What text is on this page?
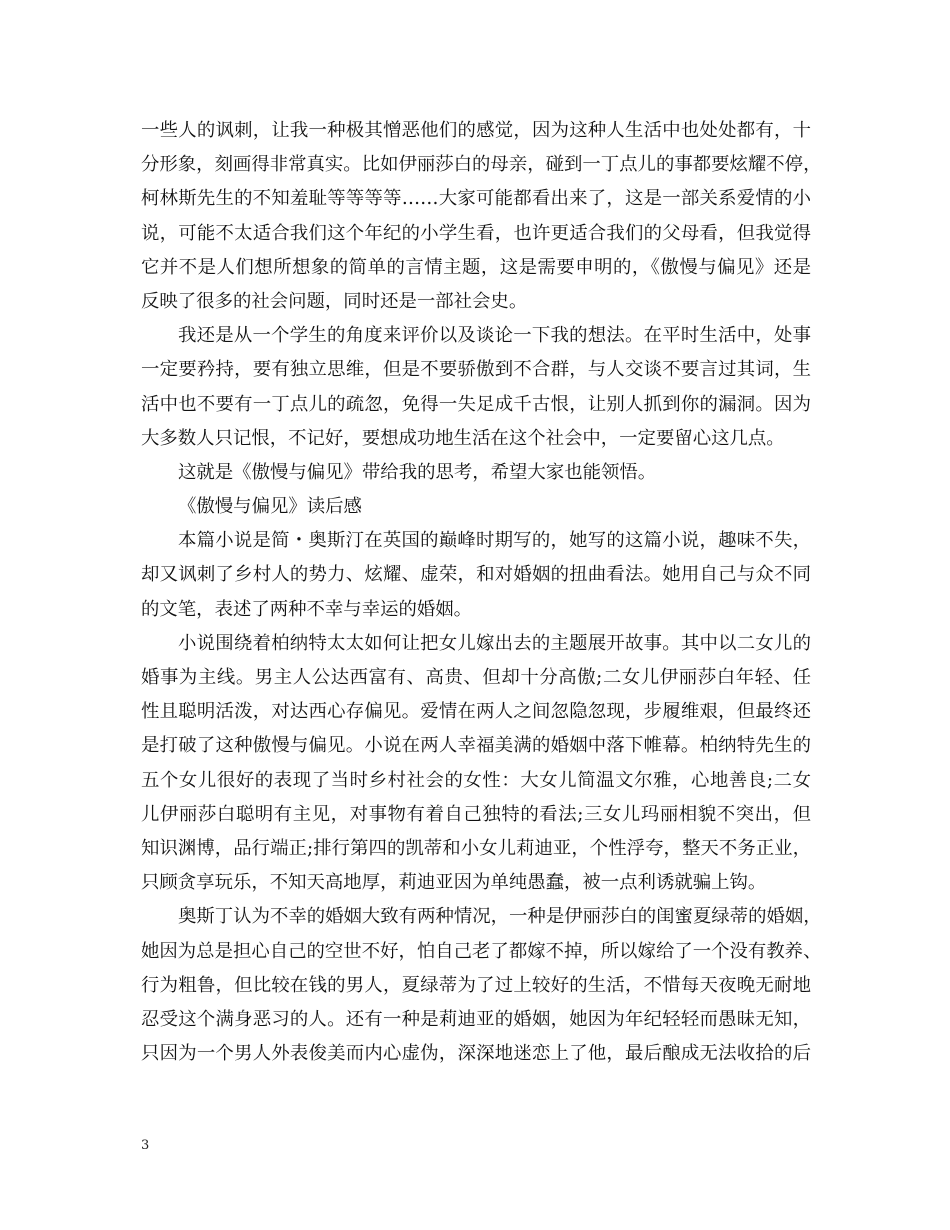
一些人的讽刺，让我一种极其憎恶他们的感觉，因为这种人生活中也处处都有，十
分形象，刻画得非常真实。比如伊丽莎白的母亲，碰到一丁点儿的事都要炫耀不停，
柯林斯先生的不知羞耻等等等等……大家可能都看出来了，这是一部关系爱情的小
说，可能不太适合我们这个年纪的小学生看，也许更适合我们的父母看，但我觉得
它并不是人们想所想象的简单的言情主题，这是需要申明的，《傲慢与偏见》还是
反映了很多的社会问题，同时还是一部社会史。
我还是从一个学生的角度来评价以及谈论一下我的想法。在平时生活中，处事
一定要矜持，要有独立思维，但是不要骄傲到不合群，与人交谈不要言过其词，生
活中也不要有一丁点儿的疏忽，免得一失足成千古恨，让别人抓到你的漏洞。因为
大多数人只记恨，不记好，要想成功地生活在这个社会中，一定要留心这几点。
这就是《傲慢与偏见》带给我的思考，希望大家也能领悟。
《傲慢与偏见》读后感
本篇小说是简・奥斯汀在英国的巅峰时期写的，她写的这篇小说，趣味不失，
却又讽刺了乡村人的势力、炫耀、虚荣，和对婚姻的扭曲看法。她用自己与众不同
的文笔，表述了两种不幸与幸运的婚姻。
小说围绕着柏纳特太太如何让把女儿嫁出去的主题展开故事。其中以二女儿的
婚事为主线。男主人公达西富有、高贵、但却十分高傲;二女儿伊丽莎白年轻、任
性且聪明活泼，对达西心存偏见。爱情在两人之间忽隐忽现，步履维艰，但最终还
是打破了这种傲慢与偏见。小说在两人幸福美满的婚姻中落下帷幕。柏纳特先生的
五个女儿很好的表现了当时乡村社会的女性：大女儿简温文尔雅，心地善良;二女
儿伊丽莎白聪明有主见，对事物有着自己独特的看法;三女儿玛丽相貌不突出，但
知识渊博，品行端正;排行第四的凯蒂和小女儿莉迪亚，个性浮夸，整天不务正业，
只顾贪享玩乐，不知天高地厚，莉迪亚因为单纯愚蠢，被一点利诱就骗上钩。
奥斯丁认为不幸的婚姻大致有两种情况，一种是伊丽莎白的闺蜜夏绿蒂的婚姻，
她因为总是担心自己的空世不好，怕自己老了都嫁不掉，所以嫁给了一个没有教养、
行为粗鲁，但比较在钱的男人，夏绿蒂为了过上较好的生活，不惜每天夜晚无耐地
忍受这个满身恶习的人。还有一种是莉迪亚的婚姻，她因为年纪轻轻而愚昧无知，
只因为一个男人外表俊美而内心虚伪，深深地迷恋上了他，最后酿成无法收拾的后
3
